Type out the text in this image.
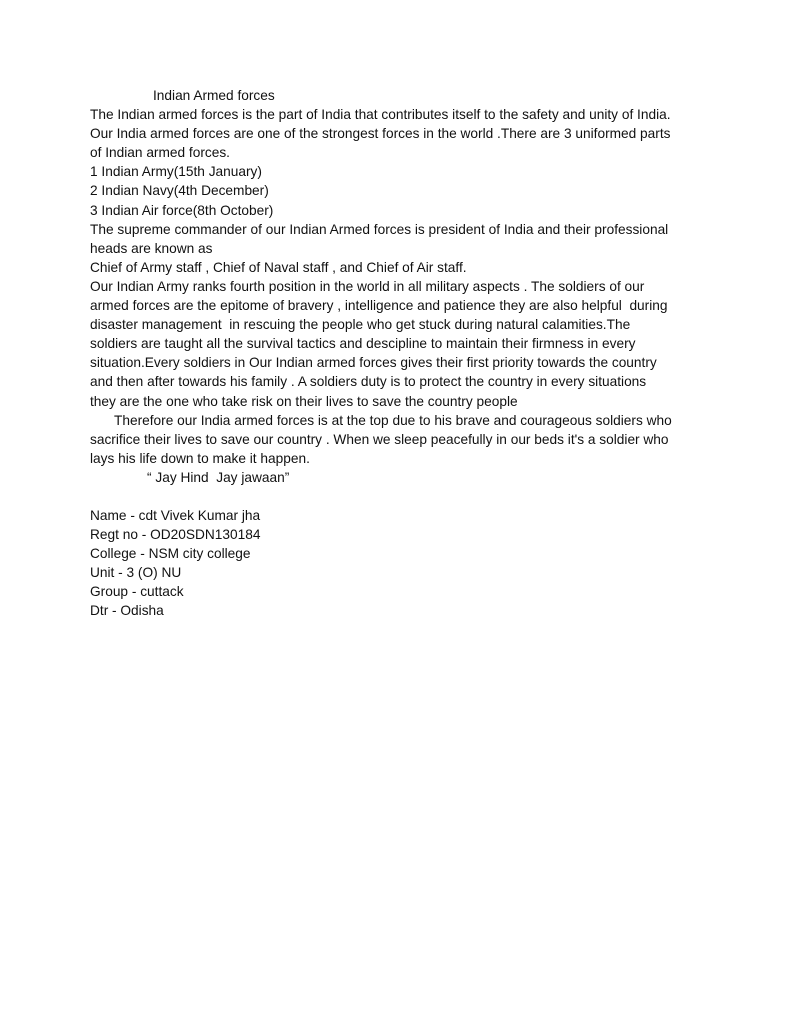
Indian Armed forces
The Indian armed forces is the part of India that contributes itself to the safety and unity of India.
Our India armed forces are one of the strongest forces in the world .There are 3 uniformed parts
of Indian armed forces.
1 Indian Army(15th January)
2 Indian Navy(4th December)
3 Indian Air force(8th October)
The supreme commander of our Indian Armed forces is president of India and their professional
heads are known as
Chief of Army staff , Chief of Naval staff , and Chief of Air staff.
Our Indian Army ranks fourth position in the world in all military aspects . The soldiers of our
armed forces are the epitome of bravery , intelligence and patience they are also helpful  during
disaster management  in rescuing the people who get stuck during natural calamities.The
soldiers are taught all the survival tactics and descipline to maintain their firmness in every
situation.Every soldiers in Our Indian armed forces gives their first priority towards the country
and then after towards his family . A soldiers duty is to protect the country in every situations
they are the one who take risk on their lives to save the country people
Therefore our India armed forces is at the top due to his brave and courageous soldiers who
sacrifice their lives to save our country . When we sleep peacefully in our beds it's a soldier who
lays his life down to make it happen.
“ Jay Hind  Jay jawaan”
Name - cdt Vivek Kumar jha
Regt no - OD20SDN130184
College - NSM city college
Unit - 3 (O) NU
Group - cuttack
Dtr - Odisha
